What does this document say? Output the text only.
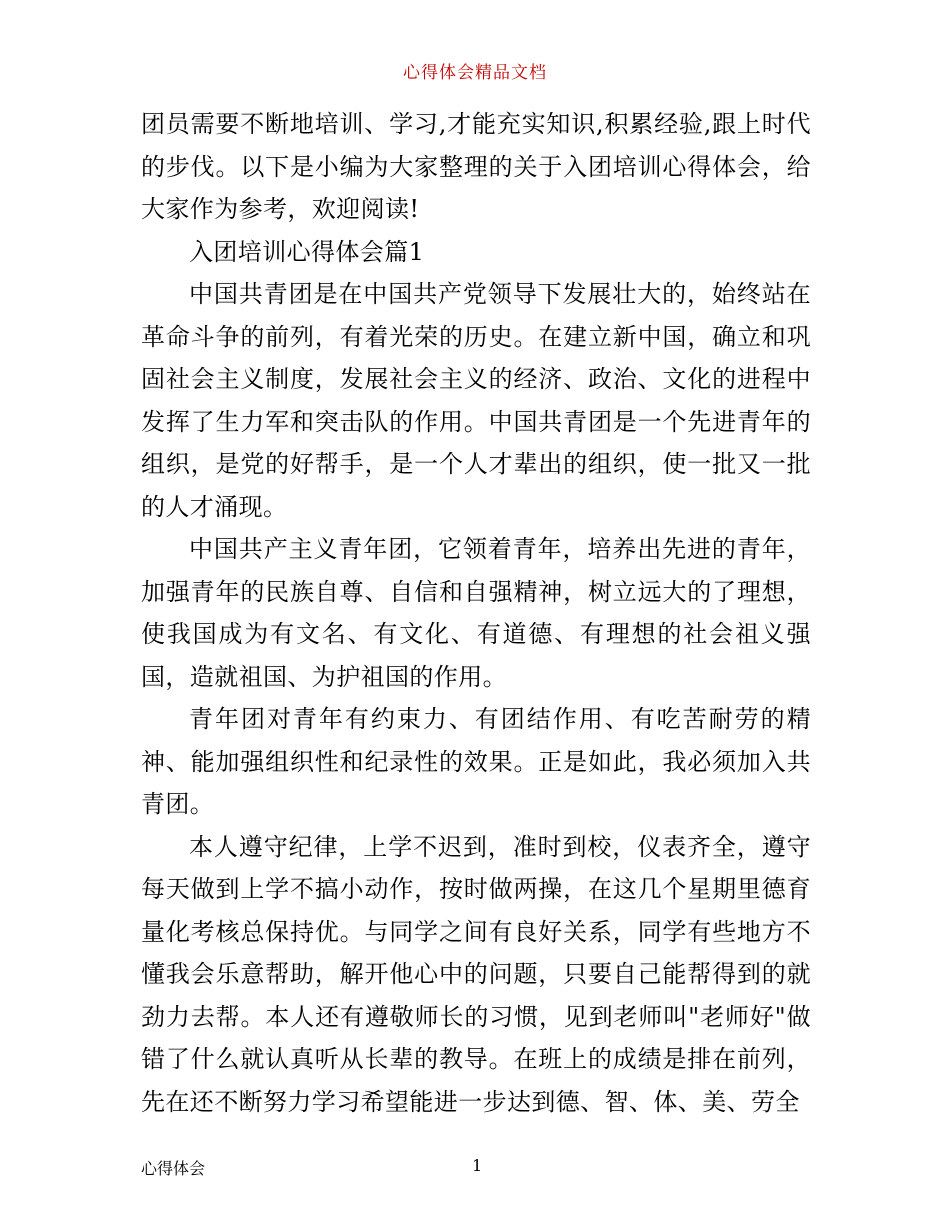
心得体会精品文档

团员需要不断地培训、学习,才能充实知识,积累经验,跟上时代的步伐。以下是小编为大家整理的关于入团培训心得体会，给大家作为参考，欢迎阅读!

入团培训心得体会篇1

中国共青团是在中国共产党领导下发展壮大的，始终站在革命斗争的前列，有着光荣的历史。在建立新中国，确立和巩固社会主义制度，发展社会主义的经济、政治、文化的进程中发挥了生力军和突击队的作用。中国共青团是一个先进青年的组织，是党的好帮手，是一个人才辈出的组织，使一批又一批的人才涌现。

中国共产主义青年团，它领着青年，培养出先进的青年，加强青年的民族自尊、自信和自强精神，树立远大的了理想，使我国成为有文名、有文化、有道德、有理想的社会祖义强国，造就祖国、为护祖国的作用。

青年团对青年有约束力、有团结作用、有吃苦耐劳的精神、能加强组织性和纪录性的效果。正是如此，我必须加入共青团。

本人遵守纪律，上学不迟到，准时到校，仪表齐全，遵守每天做到上学不搞小动作，按时做两操，在这几个星期里德育量化考核总保持优。与同学之间有良好关系，同学有些地方不懂我会乐意帮助，解开他心中的问题，只要自己能帮得到的就劲力去帮。本人还有遵敬师长的习惯，见到老师叫"老师好"做错了什么就认真听从长辈的教导。在班上的成绩是排在前列，先在还不断努力学习希望能进一步达到德、智、体、美、劳全

心得体会	1
